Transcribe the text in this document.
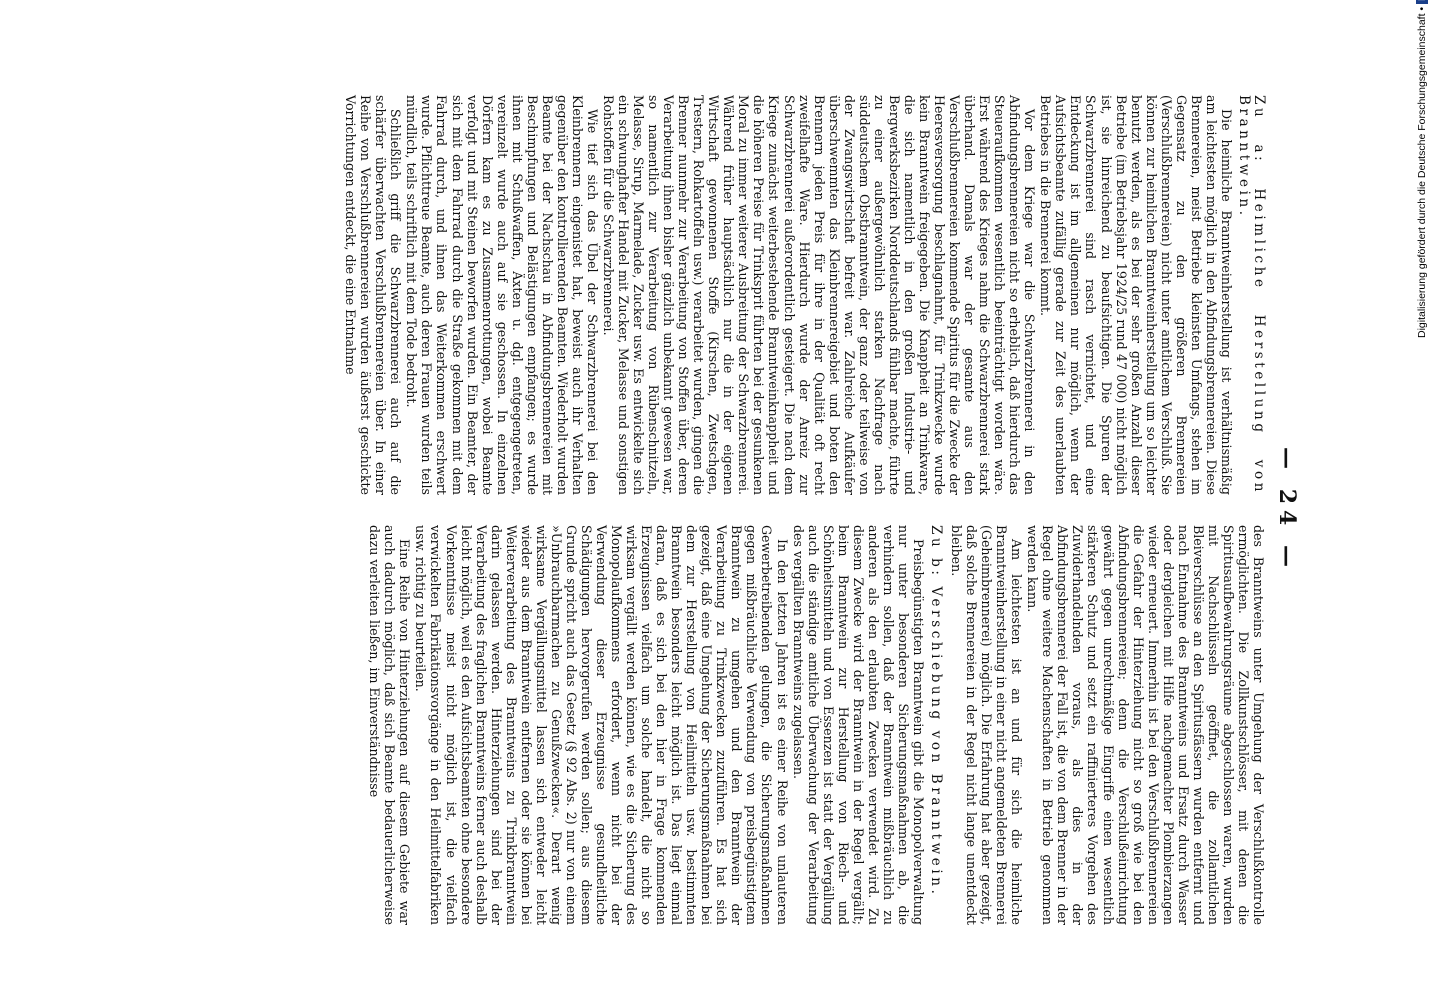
— 24 —

Zu a: Heimliche Herstellung von Branntwein.

Die heimliche Branntweinherstellung ist verhältnismäßig am leichtesten möglich in den Abfindungsbrennereien. Diese Brennereien, meist Betriebe kleinsten Umfangs, stehen im Gegensatz zu den größeren Brennereien (Verschlußbrennereien) nicht unter amtlichem Verschluß. Sie können zur heimlichen Branntweinherstellung um so leichter benutzt werden, als es bei der sehr großen Anzahl dieser Betriebe (im Betriebsjahr 1924/25 rund 47 000) nicht möglich ist, sie hinreichend zu beaufsichtigen. Die Spuren der Schwarzbrennerei sind rasch vernichtet, und eine Entdeckung ist im allgemeinen nur möglich, wenn der Aufsichtsbeamte zufällig gerade zur Zeit des unerlaubten Betriebes in die Brennerei kommt.

Vor dem Kriege war die Schwarzbrennerei in den Abfindungsbrennereien nicht so erheblich, daß hierdurch das Steueraufkommen wesentlich beeinträchtigt worden wäre. Erst während des Krieges nahm die Schwarzbrennerei stark überhand. Damals war der gesamte aus den Verschlußbrennereien kommende Spiritus für die Zwecke der Heeresversorgung beschlagnahmt, für Trinkzwecke wurde kein Branntwein freigegeben. Die Knappheit an Trinkware, die sich namentlich in den großen Industrie- und Bergwerksbezirken Norddeutschlands fühlbar machte, führte zu einer außergewöhnlich starken Nachfrage nach süddeutschem Obstbranntwein, der ganz oder teilweise von der Zwangswirtschaft befreit war. Zahlreiche Aufkäufer überschwemmten das Kleinbrennereigebiet und boten den Brennern jeden Preis für ihre in der Qualität oft recht zweifelhafte Ware. Hierdurch wurde der Anreiz zur Schwarzbrennerei außerordentlich gesteigert. Die nach dem Kriege zunächst weiterbestehende Branntweinknappheit und die höheren Preise für Trinksprit führten bei der gesunkenen Moral zu immer weiterer Ausbreitung der Schwarzbrennerei. Während früher hauptsächlich nur die in der eigenen Wirtschaft gewonnenen Stoffe (Kirschen, Zwetschgen, Trestern, Rohkartoffeln usw.) verarbeitet wurden, gingen die Brenner nunmehr zur Verarbeitung von Stoffen über, deren Verarbeitung ihnen bisher gänzlich unbekannt gewesen war, so namentlich zur Verarbeitung von Rübenschnitzeln, Melasse, Sirup, Marmelade, Zucker usw. Es entwickelte sich ein schwunghafter Handel mit Zucker, Melasse und sonstigen Rohstoffen für die Schwarzbrennerei.

Wie tief sich das Übel der Schwarzbrennerei bei den Kleinbrennern eingenistet hat, beweist auch ihr Verhalten gegenüber den kontrollierenden Beamten. Wiederholt wurden Beamte bei der Nachschau in Abfindungsbrennereien mit Beschimpfungen und Belästigungen empfangen; es wurde ihnen mit Schußwaffen, Äxten u. dgl. entgegengetreten, vereinzelt wurde auch auf sie geschossen. In einzelnen Dörfern kam es zu Zusammenrottungen, wobei Beamte verfolgt und mit Steinen beworfen wurden. Ein Beamter, der sich mit dem Fahrrad durch die Straße gekommen mit dem Fahrrad durch, und ihnen das Weiterkommen erschwert wurde. Pflichttreue Beamte, auch deren Frauen wurden teils mündlich, teils schriftlich mit dem Tode bedroht.

Schließlich griff die Schwarzbrennerei auch auf die schärfer überwachten Verschlußbrennereien über. In einer Reihe von Verschlußbrennereien wurden äußerst geschickte Vorrichtungen entdeckt, die eine Entnahme

des Branntweins unter Umgehung der Verschlußkontrolle ermöglichten. Die Zollkunstschlösser, mit denen die Spiritusaufbewahrungsräume abgeschlossen waren, wurden mit Nachschlüsseln geöffnet, die zollamtlichen Bleiverschlüsse an den Spiritusfässern wurden entfernt und nach Entnahme des Branntweins und Ersatz durch Wasser oder dergleichen mit Hilfe nachgemachter Plombierzangen wieder erneuert. Immerhin ist bei den Verschlußbrennereien die Gefahr der Hinterziehung nicht so groß wie bei den Abfindungsbrennereien; denn die Verschlußeinrichtung gewährt gegen unrechtmäßige Eingriffe einen wesentlich stärkeren Schutz und setzt ein raffinierteres Vorgehen des Zuwiderhandelnden voraus, als dies in der Abfindungsbrennerei der Fall ist, die von dem Brenner in der Regel ohne weitere Machenschaften in Betrieb genommen werden kann.

Am leichtesten ist an und für sich die heimliche Branntweinherstellung in einer nicht angemeldeten Brennerei (Geheimbrennerei) möglich. Die Erfahrung hat aber gezeigt, daß solche Brennereien in der Regel nicht lange unentdeckt bleiben.

Zu b: Verschiebung von Branntwein.

Preisbegünstigten Branntwein gibt die Monopolverwaltung nur unter besonderen Sicherungsmaßnahmen ab, die verhindern sollen, daß der Branntwein mißbräuchlich zu anderen als den erlaubten Zwecken verwendet wird. Zu diesem Zwecke wird der Branntwein in der Regel vergällt; beim Branntwein zur Herstellung von Riech- und Schönheitsmitteln und von Essenzen ist statt der Vergällung auch die ständige amtliche Überwachung der Verarbeitung des vergällten Branntweins zugelassen.

In den letzten Jahren ist es einer Reihe von unlauteren Gewerbetreibenden gelungen, die Sicherungsmaßnahmen gegen mißbräuchliche Verwendung von preisbegünstigtem Branntwein zu umgehen und den Branntwein der Verarbeitung zu Trinkzwecken zuzuführen. Es hat sich gezeigt, daß eine Umgehung der Sicherungsmaßnahmen bei dem zur Herstellung von Heilmitteln usw. bestimmten Branntwein besonders leicht möglich ist. Das liegt einmal daran, daß es sich bei den hier in Frage kommenden Erzeugnissen vielfach um solche handelt, die nicht so wirksam vergällt werden können, wie es die Sicherung des Monopolaufkommens erfordert, wenn nicht bei der Verwendung dieser Erzeugnisse gesundheitliche Schädigungen hervorgerufen werden sollen; aus diesem Grunde spricht auch das Gesetz (§ 92 Abs. 2) nur von einem »Unbrauchbarmachen zu Genußzwecken«. Derart wenig wirksame Vergällungsmittel lassen sich entweder leicht wieder aus dem Branntwein entfernen oder sie können bei Weiterverarbeitung des Branntweins zu Trinkbranntwein darin gelassen werden. Hinterziehungen sind bei der Verarbeitung des fraglichen Branntweins ferner auch deshalb leicht möglich, weil es den Aufsichtsbeamten ohne besondere Vorkenntnisse meist nicht möglich ist, die vielfach verwickelten Fabrikationsvorgänge in den Heilmittelfabriken usw. richtig zu beurteilen.

Eine Reihe von Hinterziehungen auf diesem Gebiete war auch dadurch möglich, daß sich Beamte bedauerlicherweise dazu verleiten ließen, im Einverständnisse

Digitalisierung gefördert durch die Deutsche Forschungsgemeinschaft •
